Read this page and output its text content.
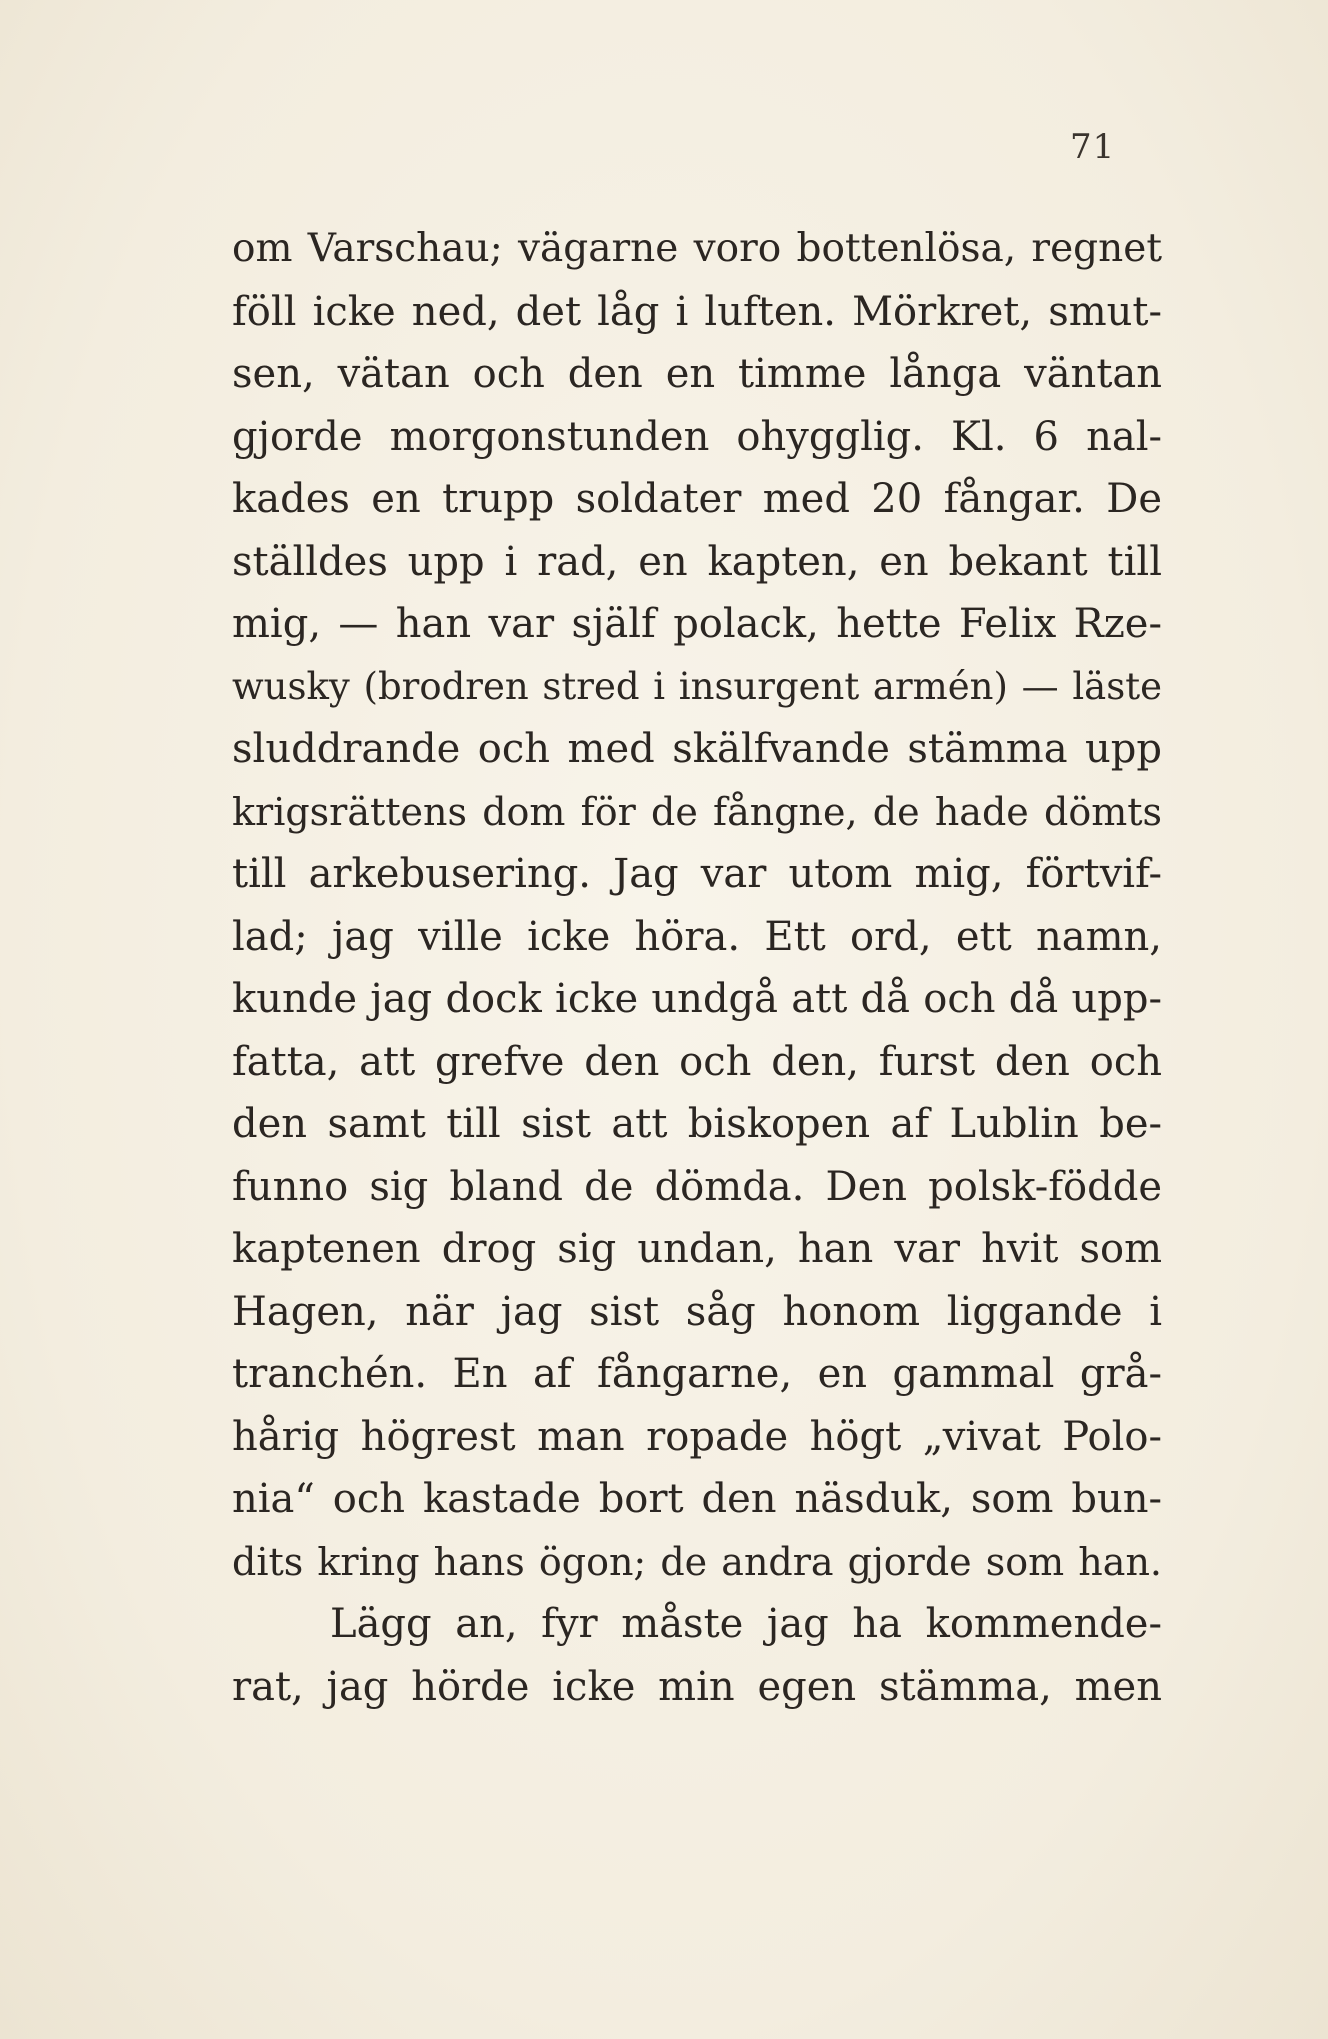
71
om Varschau; vägarne voro bottenlösa, regnet
föll icke ned, det låg i luften. Mörkret, smut-
sen, vätan och den en timme långa väntan
gjorde morgonstunden ohygglig. Kl. 6 nal-
kades en trupp soldater med 20 fångar. De
ställdes upp i rad, en kapten, en bekant till
mig, — han var själf polack, hette Felix Rze-
wusky (brodren stred i insurgent armén) — läste
sluddrande och med skälfvande stämma upp
krigsrättens dom för de fångne, de hade dömts
till arkebusering. Jag var utom mig, förtvif-
lad; jag ville icke höra. Ett ord, ett namn,
kunde jag dock icke undgå att då och då upp-
fatta, att grefve den och den, furst den och
den samt till sist att biskopen af Lublin be-
funno sig bland de dömda. Den polsk-födde
kaptenen drog sig undan, han var hvit som
Hagen, när jag sist såg honom liggande i
tranchén. En af fångarne, en gammal grå-
hårig högrest man ropade högt „vivat Polo-
nia“ och kastade bort den näsduk, som bun-
dits kring hans ögon; de andra gjorde som han.
Lägg an, fyr måste jag ha kommende-
rat, jag hörde icke min egen stämma, men
